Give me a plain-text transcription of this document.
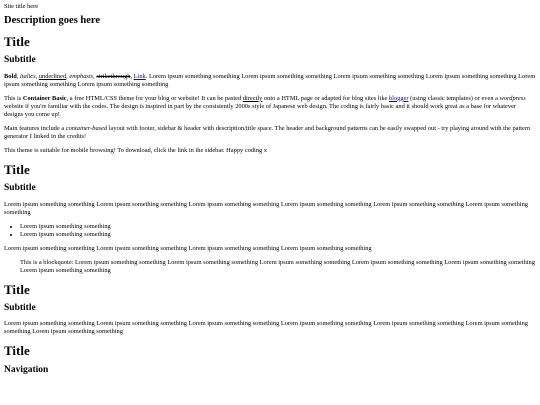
Site title here
Description goes here
Title
Subtitle

Bold, italics, underlined, emphasis, strikethrough, Link. Lorem ipsum something something Lorem ipsum something something Lorem ipsum something something Lorem ipsum something something Lorem ipsum something something Lorem ipsum something something

This is Container Basic, a free HTML/CSS theme for your blog or website! It can be pasted directly onto a HTML page or adapted for blog sites like blogger (using classic templates) or even a wordpress website if you're familiar with the codes. The design is inspired in part by the consistently 2000s style of Japanese web design. The coding is fairly basic and it should work great as a base for whatever designs you come up!

Main features include a container-based layout with footer, sidebar & header with description/title space. The header and background patterns can be easily swapped out - try playing around with the pattern generator I linked in the credits!

This theme is suitable for mobile browsing! To download, click the link in the sidebar. Happy coding x

Title
Subtitle

Lorem ipsum something something Lorem ipsum something something Lorem ipsum something something Lorem ipsum something something Lorem ipsum something something Lorem ipsum something something

• Lorem ipsum something something
• Lorem ipsum something something

Lorem ipsum something something Lorem ipsum something something Lorem ipsum something something Lorem ipsum something something

This is a blockquote: Lorem ipsum something something Lorem ipsum something something Lorem ipsum something something Lorem ipsum something something Lorem ipsum something something Lorem ipsum something something
Title
Subtitle

Lorem ipsum something something Lorem ipsum something something Lorem ipsum something something Lorem ipsum something something Lorem ipsum something something Lorem ipsum something something Lorem ipsum something something

Title
Navigation
